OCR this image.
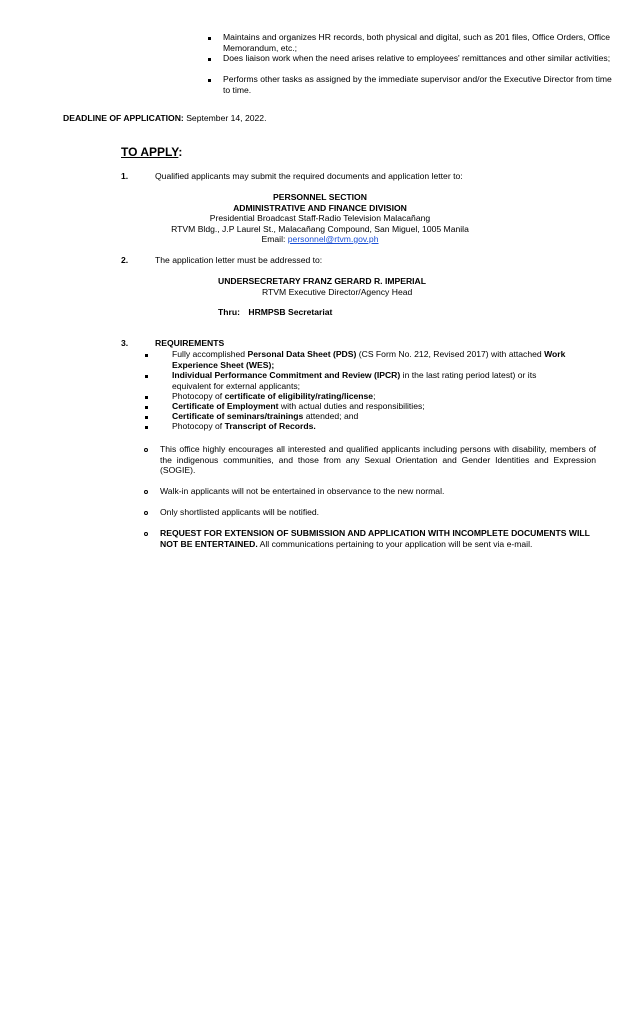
Maintains and organizes HR records, both physical and digital, such as 201 files, Office Orders, Office Memorandum, etc.;
Does liaison work when the need arises relative to employees' remittances and other similar activities;
Performs other tasks as assigned by the immediate supervisor and/or the Executive Director from time to time.
DEADLINE OF APPLICATION: September 14, 2022.
TO APPLY:
1.	Qualified applicants may submit the required documents and application letter to:
PERSONNEL SECTION
ADMINISTRATIVE AND FINANCE DIVISION
Presidential Broadcast Staff-Radio Television Malacañang
RTVM Bldg., J.P Laurel St., Malacañang Compound, San Miguel, 1005 Manila
Email: personnel@rtvm.gov.ph
2.	The application letter must be addressed to:
UNDERSECRETARY FRANZ GERARD R. IMPERIAL
RTVM Executive Director/Agency Head
Thru: HRMPSB Secretariat
3.	REQUIREMENTS
Fully accomplished Personal Data Sheet (PDS) (CS Form No. 212, Revised 2017) with attached Work
Experience Sheet (WES);
Individual Performance Commitment and Review (IPCR) in the last rating period latest) or its
equivalent for external applicants;
Photocopy of certificate of eligibility/rating/license;
Certificate of Employment with actual duties and responsibilities;
Certificate of seminars/trainings attended; and
Photocopy of Transcript of Records.
This office highly encourages all interested and qualified applicants including persons with disability, members of the indigenous communities, and those from any Sexual Orientation and Gender Identities and Expression (SOGIE).
Walk-in applicants will not be entertained in observance to the new normal.
Only shortlisted applicants will be notified.
REQUEST FOR EXTENSION OF SUBMISSION AND APPLICATION WITH INCOMPLETE DOCUMENTS WILL NOT BE ENTERTAINED. All communications pertaining to your application will be sent via e-mail.
